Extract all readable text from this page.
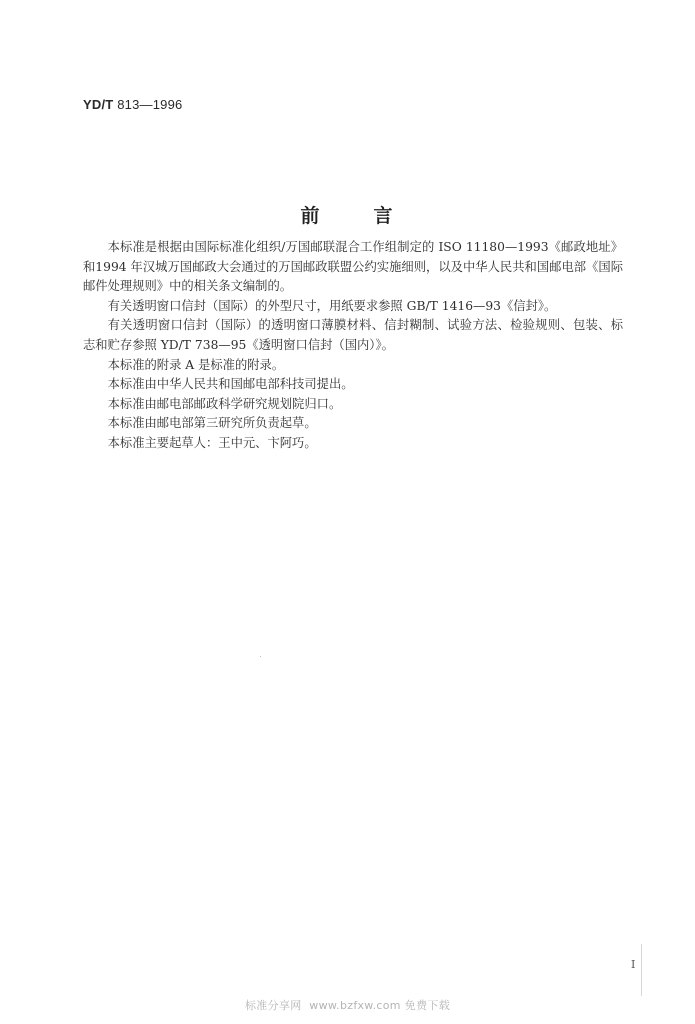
YD/T 813—1996
前	言

本标准是根据由国际标准化组织/万国邮联混合工作组制定的 ISO 11180—1993《邮政地址》和1994 年汉城万国邮政大会通过的万国邮政联盟公约实施细则，以及中华人民共和国邮电部《国际邮件处理规则》中的相关条文编制的。

有关透明窗口信封（国际）的外型尺寸，用纸要求参照 GB/T 1416—93《信封》。

有关透明窗口信封（国际）的透明窗口薄膜材料、信封糊制、试验方法、检验规则、包装、标志和贮存参照 YD/T 738—95《透明窗口信封（国内）》。

本标准的附录 A 是标准的附录。

本标准由中华人民共和国邮电部科技司提出。

本标准由邮电部邮政科学研究规划院归口。

本标准由邮电部第三研究所负责起草。

本标准主要起草人：王中元、卞阿巧。

I
标准分享网 www.bzfxw.com 免费下载
